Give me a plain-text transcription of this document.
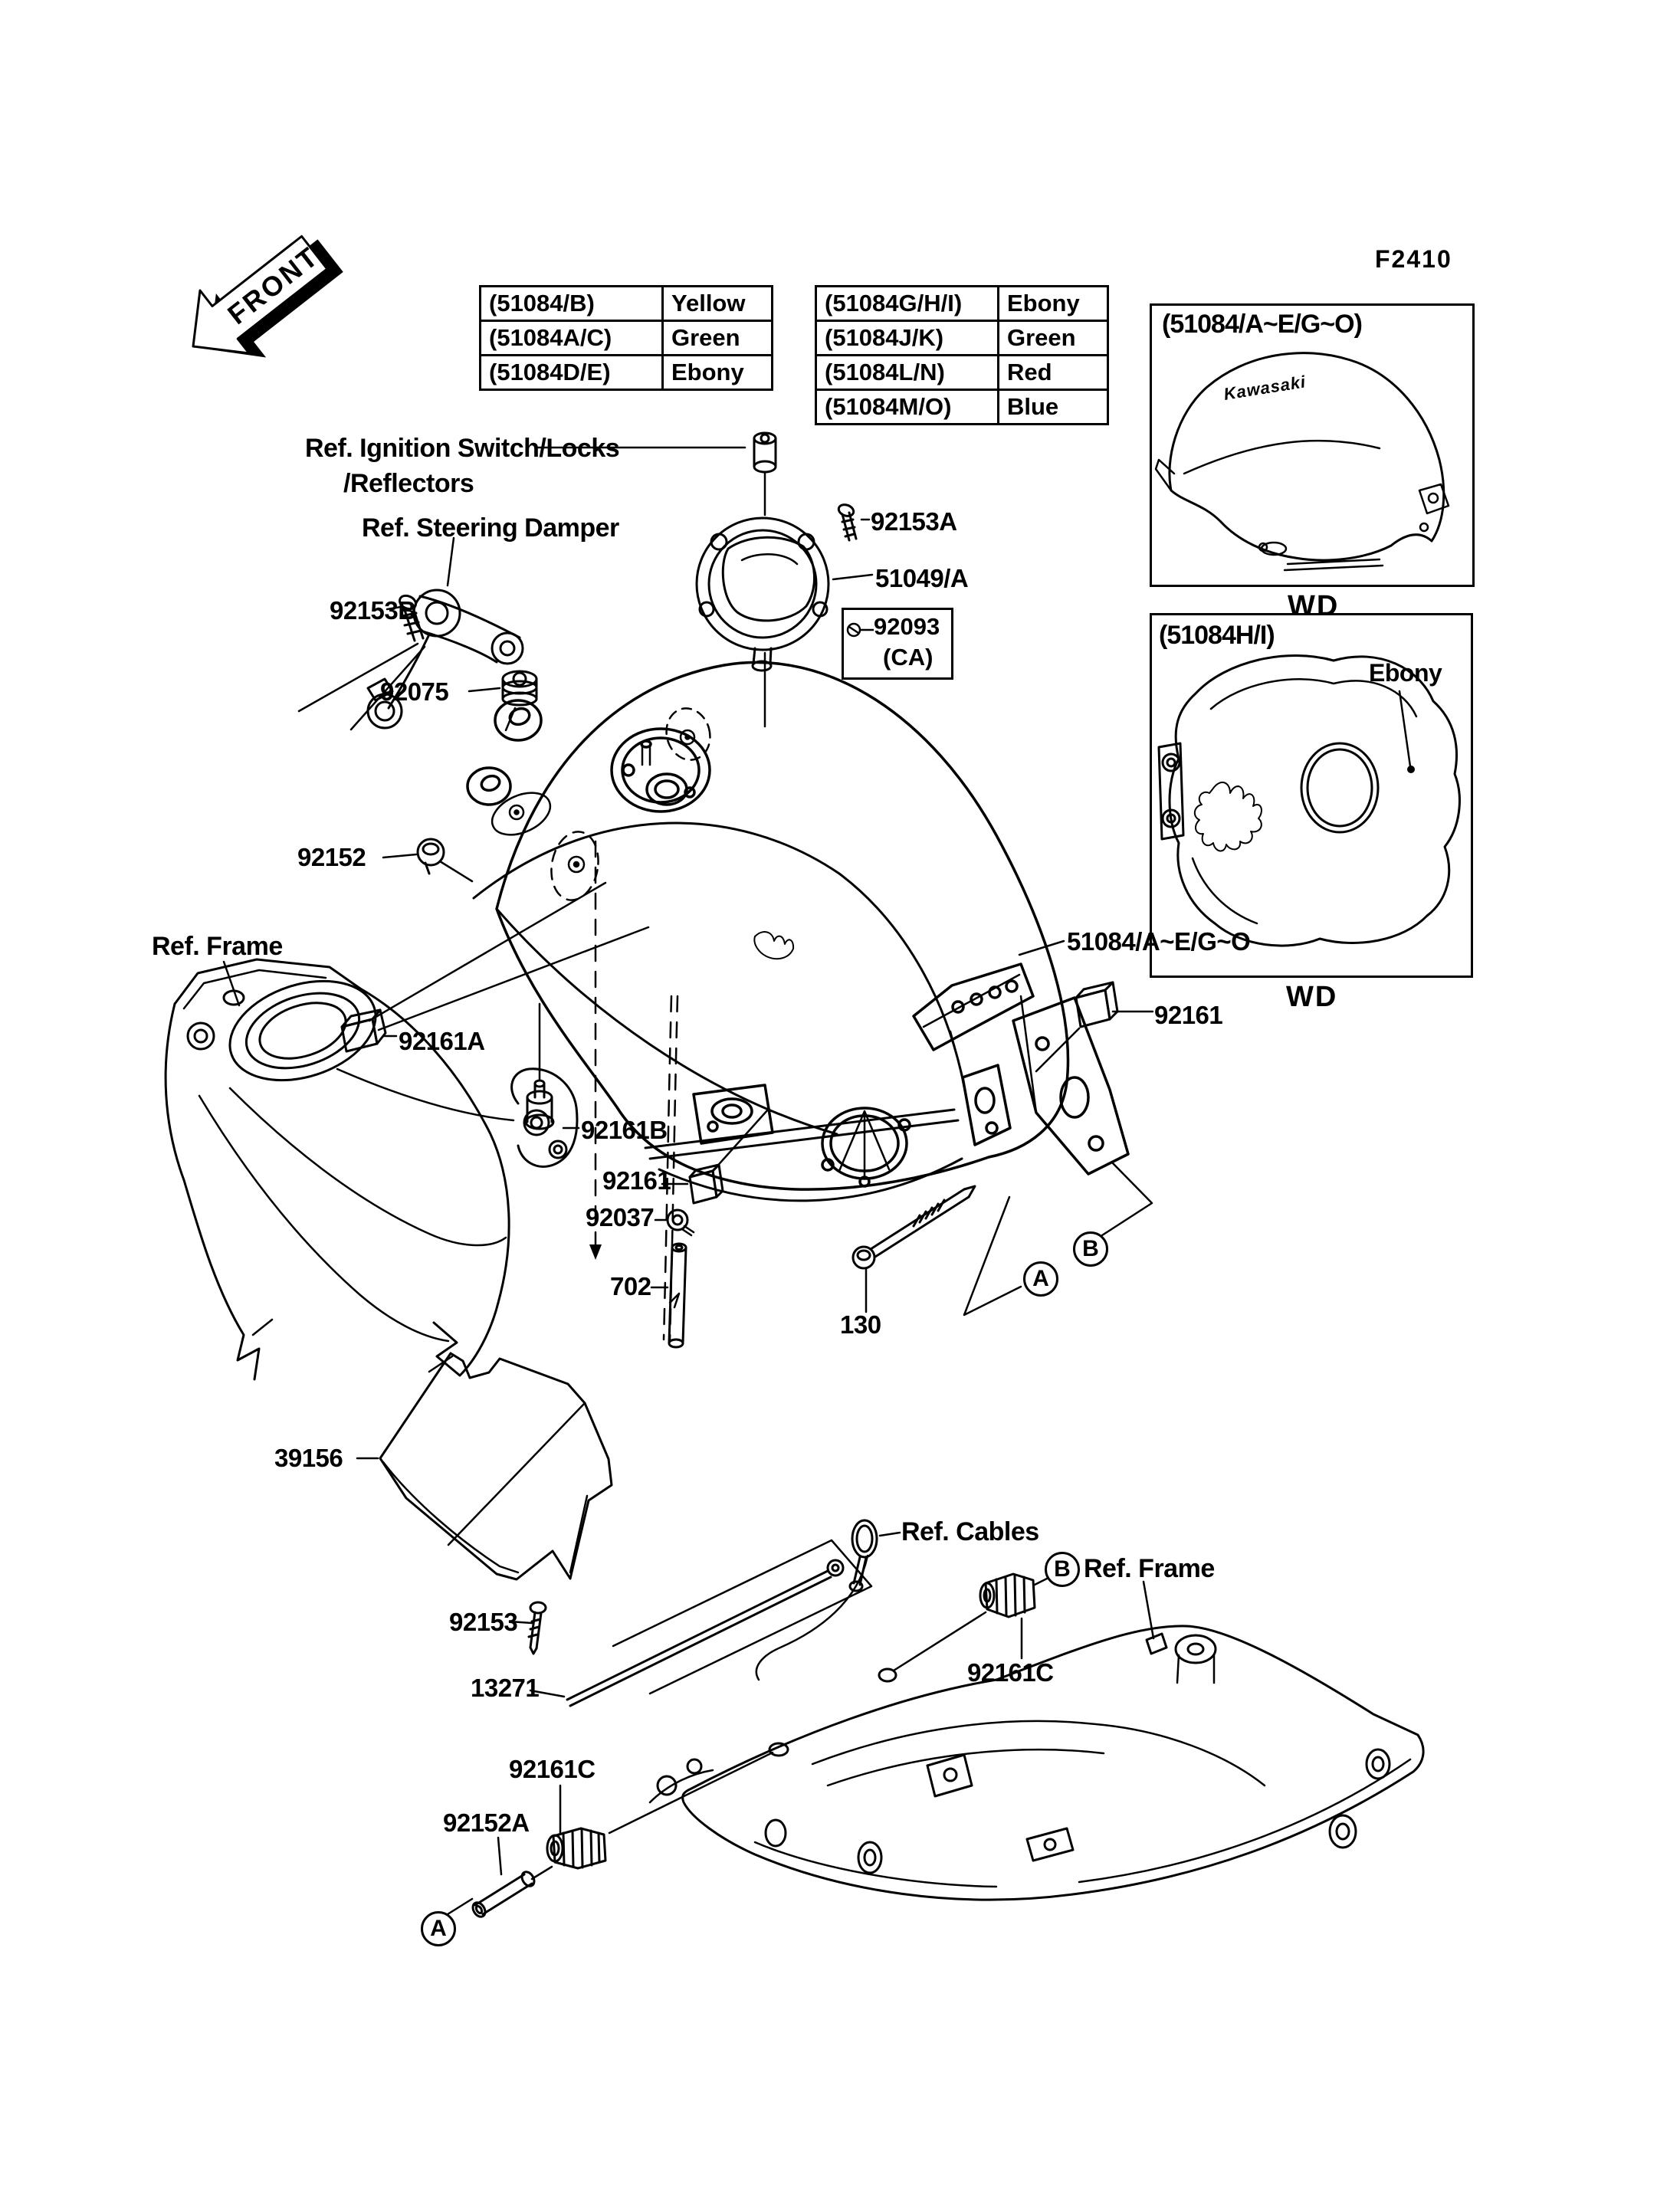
FRONT
Kawasaki
(51084/B)	Yellow
(51084A/C)	Green
(51084D/E)	Ebony
(51084G/H/I)	Ebony
(51084J/K)	Green
(51084L/N)	Red
(51084M/O)	Blue
F2410
(51084/A~E/G~O)
WD
(51084H/I)
Ebony
WD
92093
(CA)
Ref. Ignition Switch/Locks
/Reflectors
Ref. Steering Damper
Ref. Frame
Ref. Cables
Ref. Frame
92153B
92153A
51049/A
92075
92152
92161A
92161B
92161
92037
702
130
51084/A~E/G~O
92161
39156
92153
13271
92161C
92161C
92152A
A
B
B
A
